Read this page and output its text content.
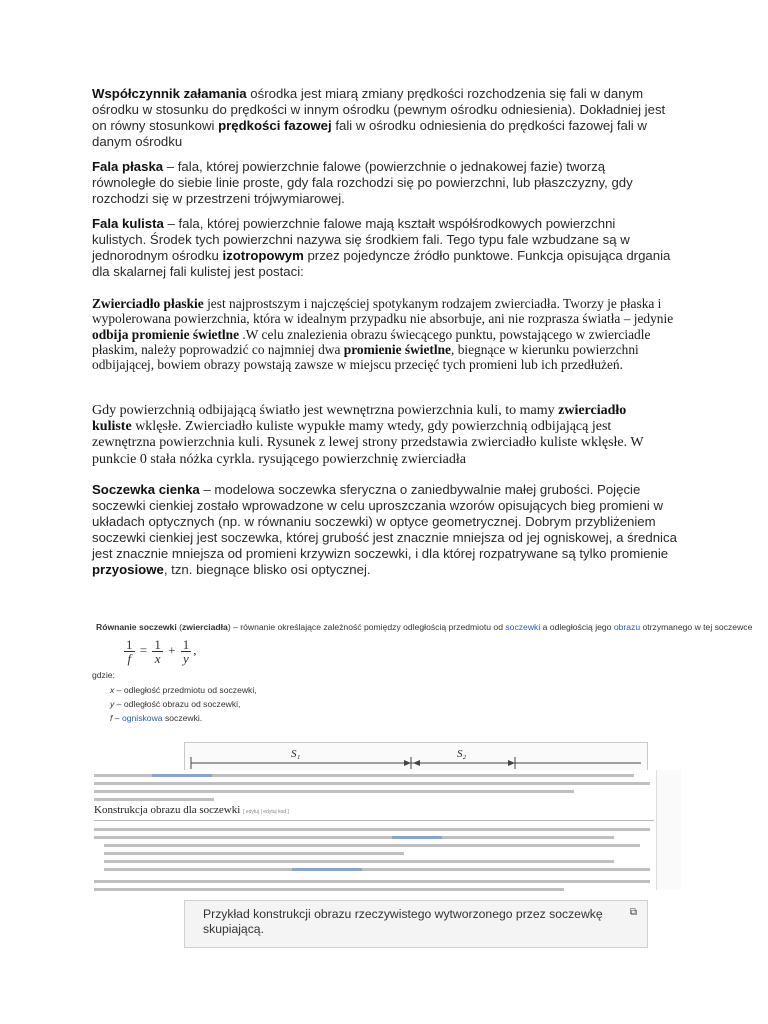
Współczynnik załamania ośrodka jest miarą zmiany prędkości rozchodzenia się fali w danym ośrodku w stosunku do prędkości w innym ośrodku (pewnym ośrodku odniesienia). Dokładniej jest on równy stosunkowi prędkości fazowej fali w ośrodku odniesienia do prędkości fazowej fali w danym ośrodku
Fala płaska – fala, której powierzchnie falowe (powierzchnie o jednakowej fazie) tworzą równoległe do siebie linie proste, gdy fala rozchodzi się po powierzchni, lub płaszczyzny, gdy rozchodzi się w przestrzeni trójwymiarowej.
Fala kulista – fala, której powierzchnie falowe mają kształt współśrodkowych powierzchni kulistych. Środek tych powierzchni nazywa się środkiem fali. Tego typu fale wzbudzane są w jednorodnym ośrodku izotropowym przez pojedyncze źródło punktowe. Funkcja opisująca drgania dla skalarnej fali kulistej jest postaci:
Zwierciadło płaskie jest najprostszym i najczęściej spotykanym rodzajem zwierciadła. Tworzy je płaska i wypolerowana powierzchnia, która w idealnym przypadku nie absorbuje, ani nie rozprasza światła – jedynie odbija promienie świetlne .W celu znalezienia obrazu świecącego punktu, powstającego w zwierciadle płaskim, należy poprowadzić co najmniej dwa promienie świetlne, biegnące w kierunku powierzchni odbijającej, bowiem obrazy powstają zawsze w miejscu przecięć tych promieni lub ich przedłużeń.
Gdy powierzchnią odbijającą światło jest wewnętrzna powierzchnia kuli, to mamy zwierciadło kuliste wklęsłe. Zwierciadło kuliste wypukłe mamy wtedy, gdy powierzchnią odbijającą jest zewnętrzna powierzchnia kuli. Rysunek z lewej strony przedstawia zwierciadło kuliste wklęsłe. W punkcie 0 stała nóżka cyrkla. rysującego powierzchnię zwierciadła
Soczewka cienka – modelowa soczewka sferyczna o zaniedbywalnie małej grubości. Pojęcie soczewki cienkiej zostało wprowadzone w celu uproszczania wzorów opisujących bieg promieni w układach optycznych (np. w równaniu soczewki) w optyce geometrycznej. Dobrym przybliżeniem soczewki cienkiej jest soczewka, której grubość jest znacznie mniejsza od jej ogniskowej, a średnica jest znacznie mniejsza od promieni krzywizn soczewki, i dla której rozpatrywane są tylko promienie przyosiowe, tzn. biegnące blisko osi optycznej.
Równanie soczewki (zwierciadła) – równanie określające zależność pomiędzy odległością przedmiotu od soczewki a odległością jego obrazu otrzymanego w tej soczewce
$\frac{1}{f} = \frac{1}{x} + \frac{1}{y}$ ,
gdzie:
x – odległość przedmiotu od soczewki,
y – odległość obrazu od soczewki,
f – ogniskowa soczewki.
S₁	S₂
Konstrukcja obrazu dla soczewki [ edytuj | edytuj kod ]
Przykład konstrukcji obrazu rzeczywistego wytworzonego przez soczewkę skupiającą.
⧉
